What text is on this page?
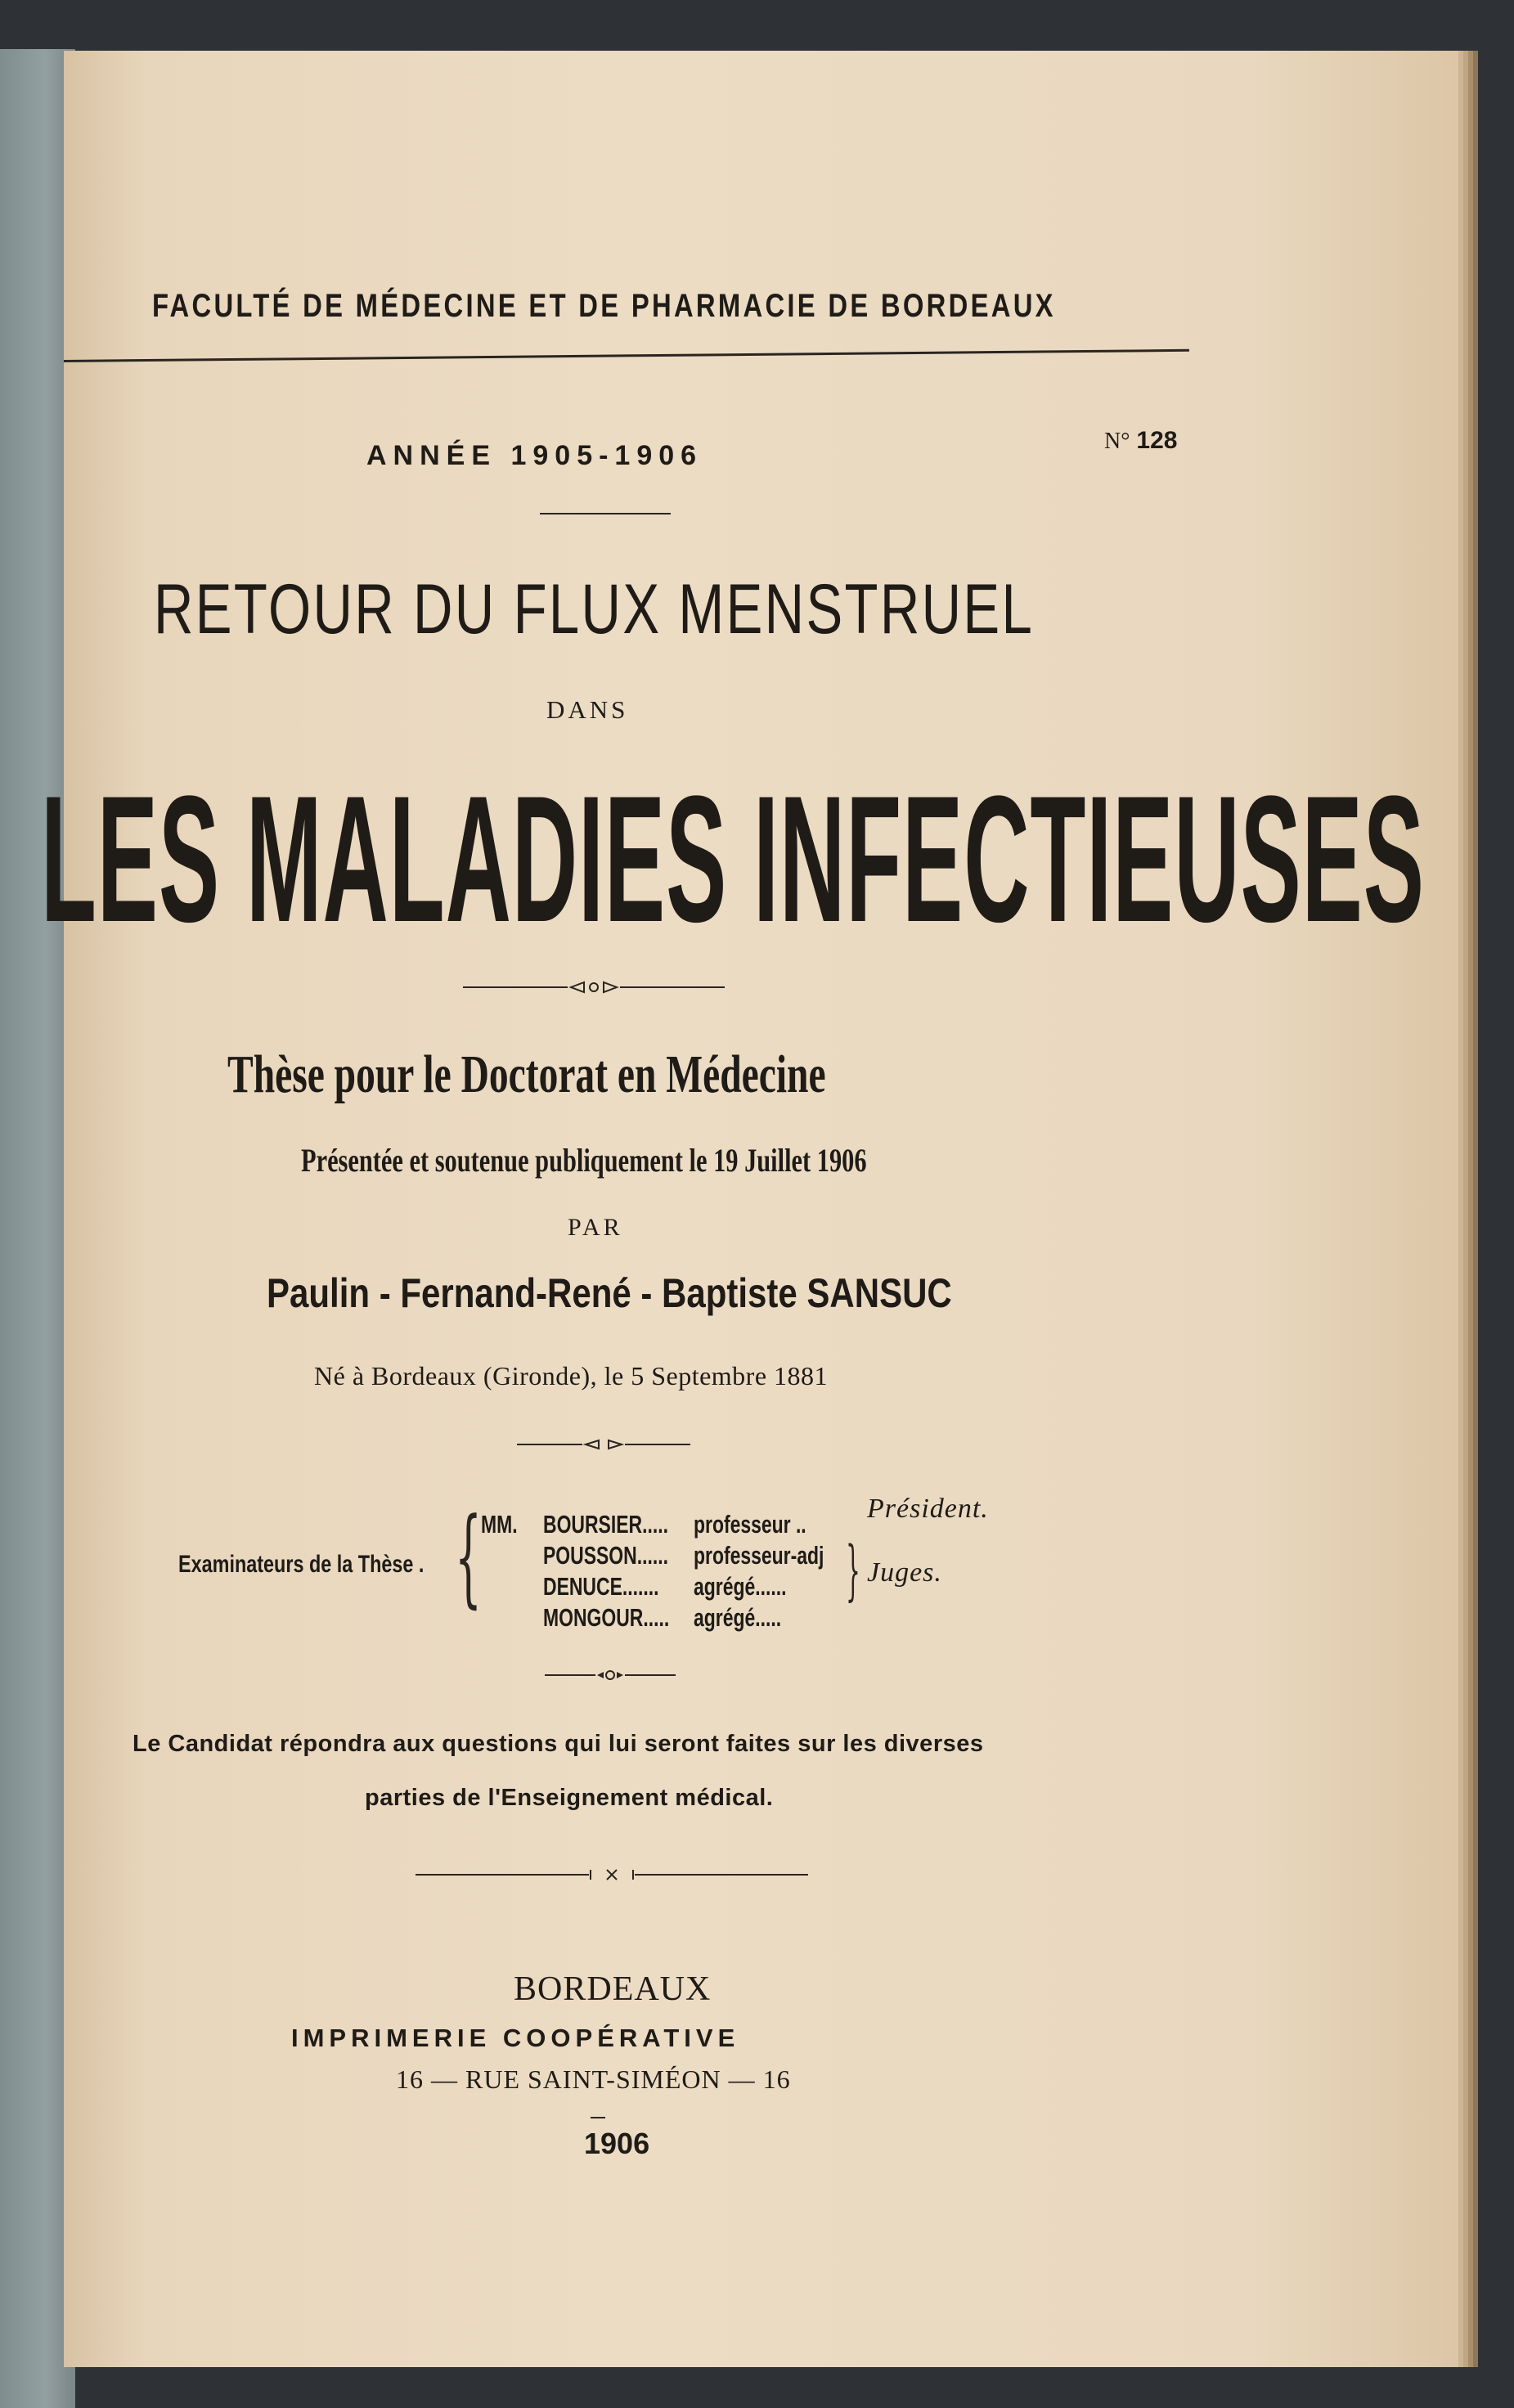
FACULTÉ DE MÉDECINE ET DE PHARMACIE DE BORDEAUX
ANNÉE 1905-1906	N° 128
RETOUR DU FLUX MENSTRUEL
DANS
LES MALADIES INFECTIEUSES
Thèse pour le Doctorat en Médecine
Présentée et soutenue publiquement le 19 Juillet 1906
PAR
Paulin - Fernand-René - Baptiste SANSUC
Né à Bordeaux (Gironde), le 5 Septembre 1881
Examinateurs de la Thèse . {
MM. BOURSIER.....
POUSSON......
DENUCE.......
MONGOUR.....
professeur ..
professeur-adj
agrégé......
agrégé.....
Président.
} Juges.
Le Candidat répondra aux questions qui lui seront faites sur les diverses
parties de l'Enseignement médical.
BORDEAUX
IMPRIMERIE COOPÉRATIVE
16 — RUE SAINT-SIMÉON — 16
1906
